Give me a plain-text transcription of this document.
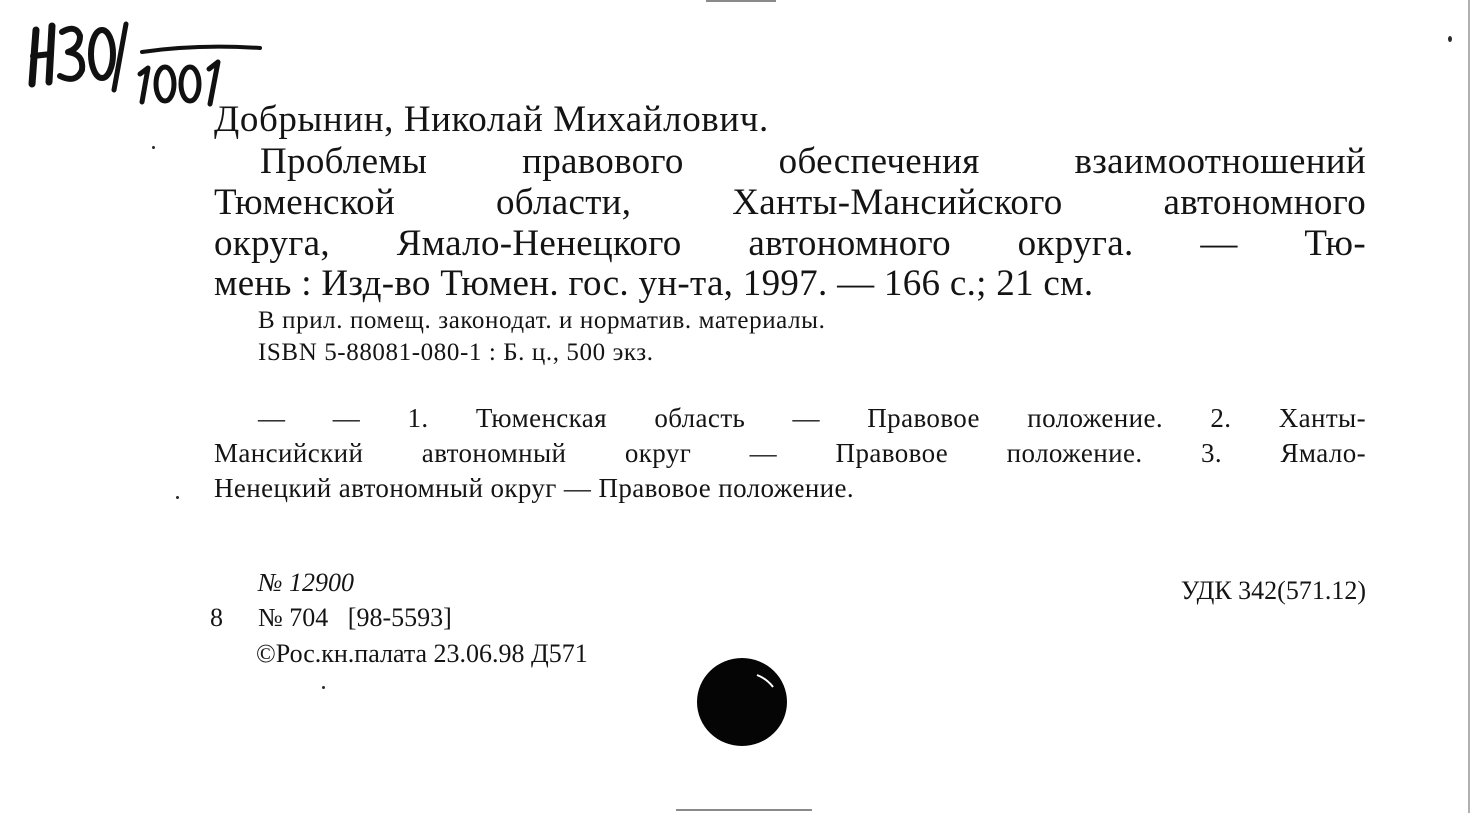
Добрынин, Николай Михайлович.
Проблемы правового обеспечения взаимоотношений
Тюменской области, Ханты-Мансийского автономного
округа, Ямало-Ненецкого автономного округа. — Тю-
мень : Изд-во Тюмен. гос. ун-та, 1997. — 166 с.; 21 см.
В прил. помещ. законодат. и норматив. материалы.
ISBN 5-88081-080-1 : Б. ц., 500 экз.
— — 1. Тюменская область — Правовое положение. 2. Ханты-
Мансийский автономный округ — Правовое положение. 3. Ямало-
Ненецкий автономный округ — Правовое положение.
№ 12900
8 № 704   [98-5593]
©Рос.кн.палата 23.06.98 Д571
УДК 342(571.12)
